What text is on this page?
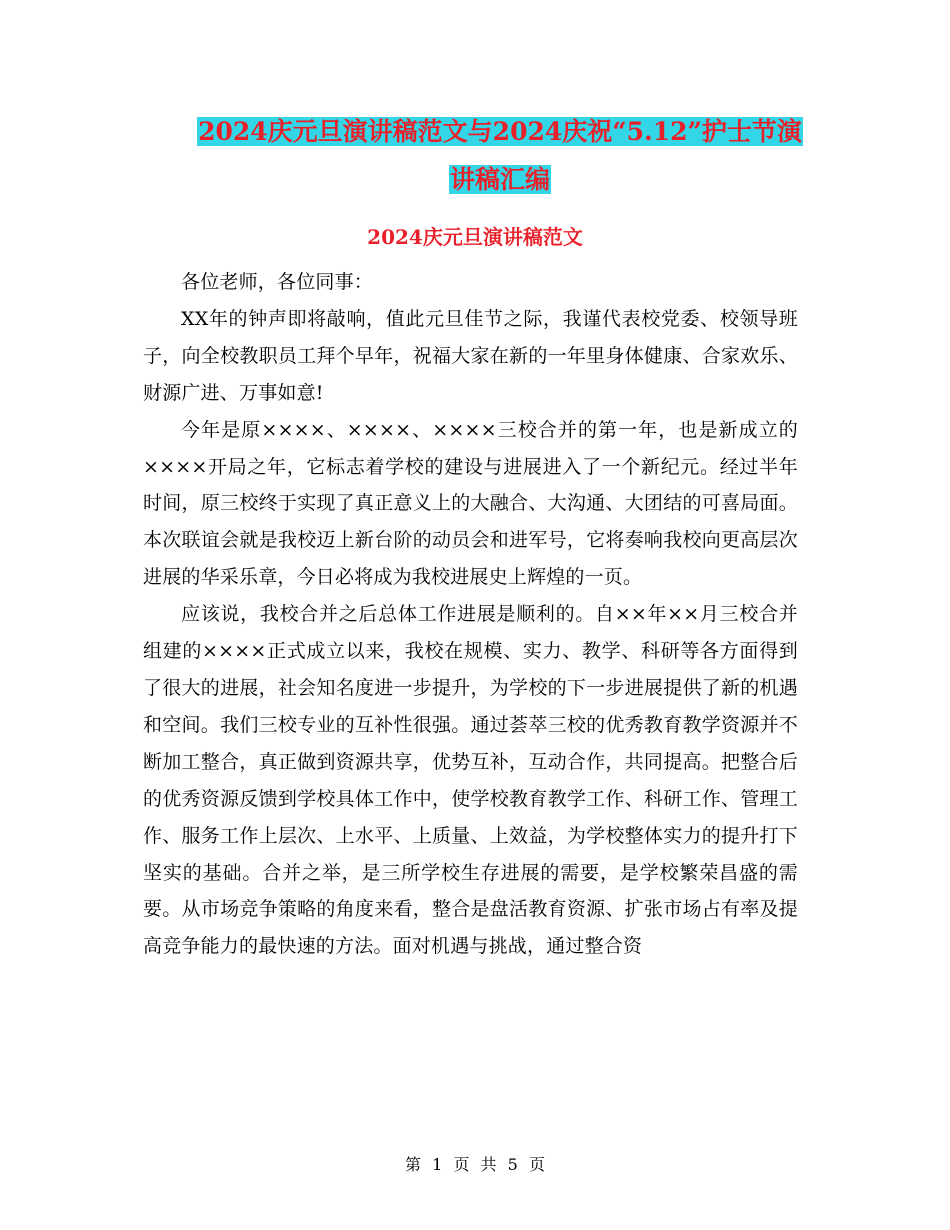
2024庆元旦演讲稿范文与2024庆祝“5.12”护士节演
讲稿汇编
2024庆元旦演讲稿范文

各位老师，各位同事：

XX年的钟声即将敲响，值此元旦佳节之际，我谨代表校党委、校领导班子，向全校教职员工拜个早年，祝福大家在新的一年里身体健康、合家欢乐、财源广进、万事如意!

今年是原××××、××××、××××三校合并的第一年，也是新成立的××××开局之年，它标志着学校的建设与进展进入了一个新纪元。经过半年时间，原三校终于实现了真正意义上的大融合、大沟通、大团结的可喜局面。本次联谊会就是我校迈上新台阶的动员会和进军号，它将奏响我校向更高层次进展的华采乐章，今日必将成为我校进展史上辉煌的一页。

应该说，我校合并之后总体工作进展是顺利的。自××年××月三校合并组建的××××正式成立以来，我校在规模、实力、教学、科研等各方面得到了很大的进展，社会知名度进一步提升，为学校的下一步进展提供了新的机遇和空间。我们三校专业的互补性很强。通过荟萃三校的优秀教育教学资源并不断加工整合，真正做到资源共享，优势互补，互动合作，共同提高。把整合后的优秀资源反馈到学校具体工作中，使学校教育教学工作、科研工作、管理工作、服务工作上层次、上水平、上质量、上效益，为学校整体实力的提升打下坚实的基础。合并之举，是三所学校生存进展的需要，是学校繁荣昌盛的需要。从市场竞争策略的角度来看，整合是盘活教育资源、扩张市场占有率及提高竞争能力的最快速的方法。面对机遇与挑战，通过整合资

第 1 页 共 5 页
